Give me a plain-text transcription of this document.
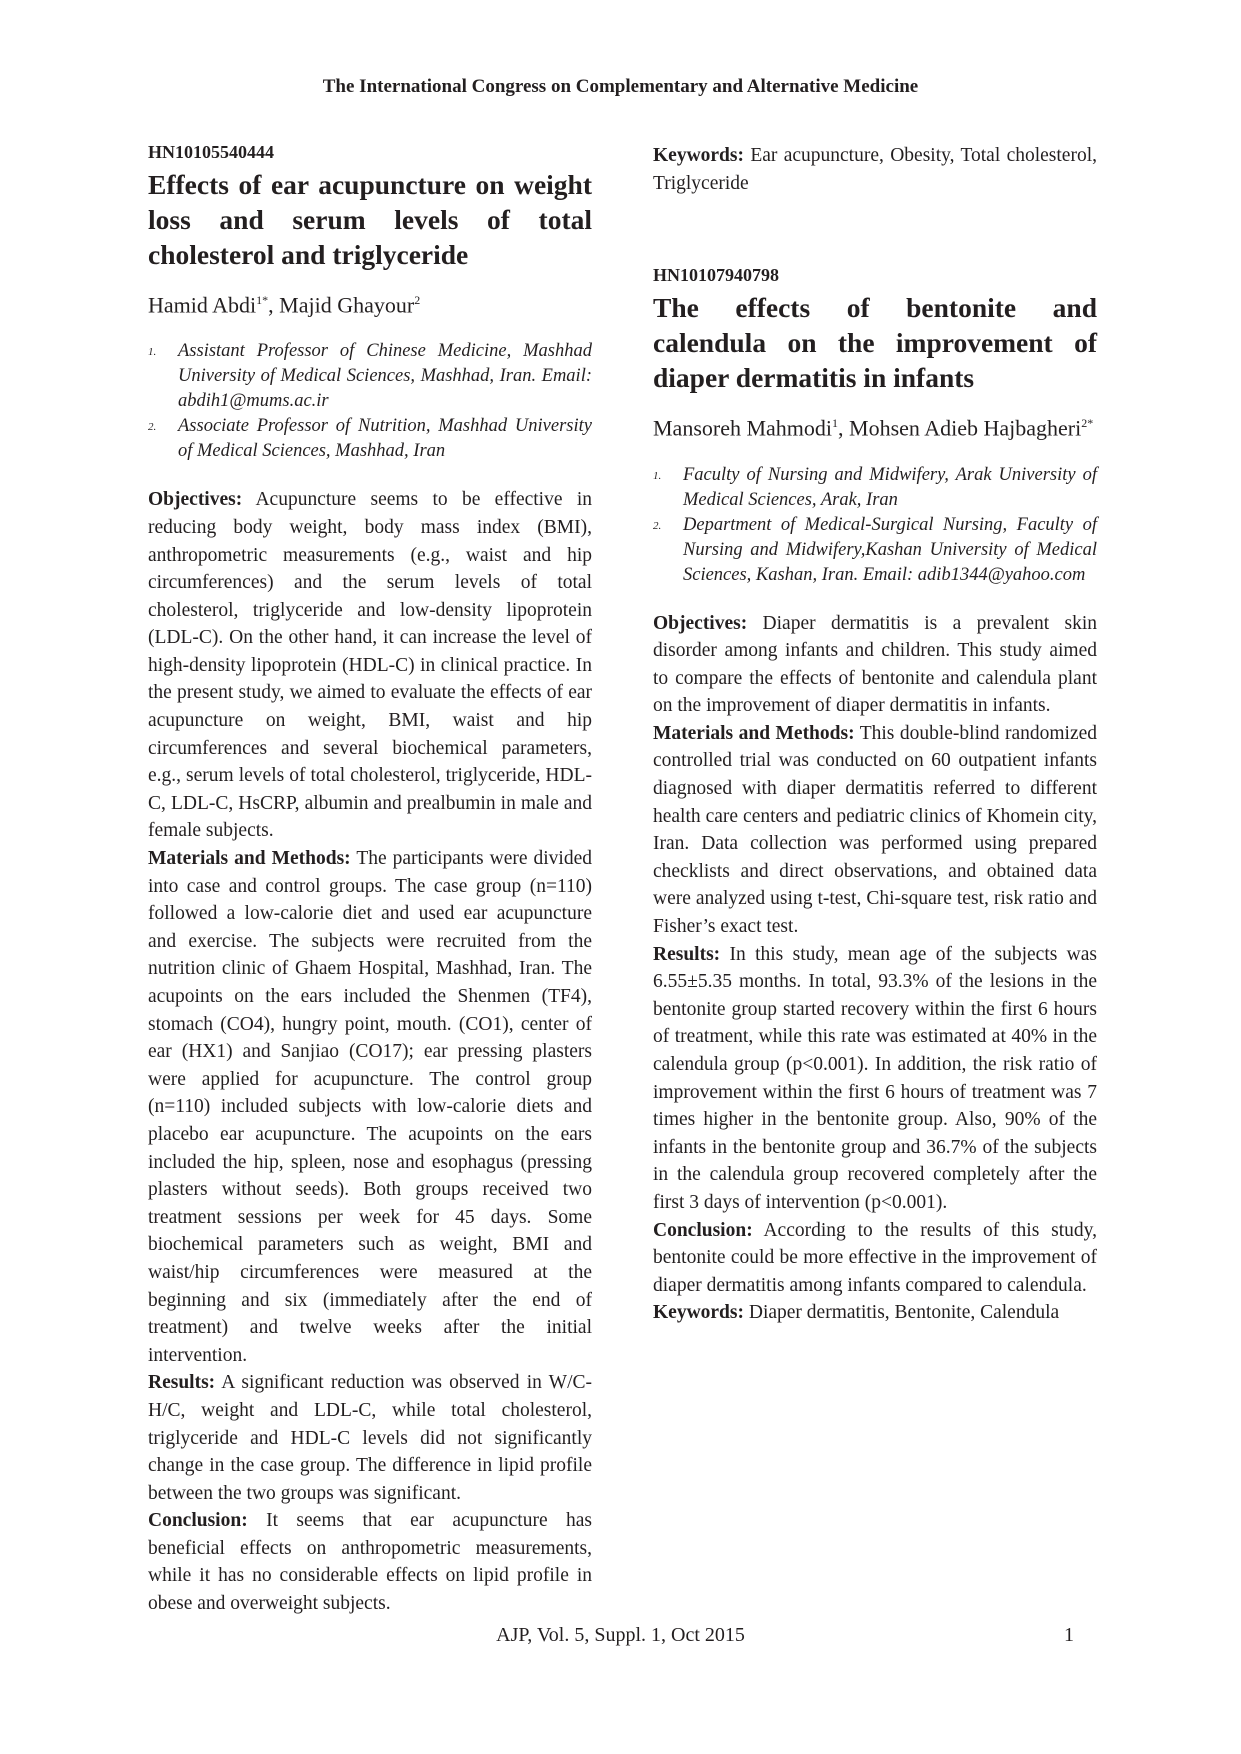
The International Congress on Complementary and Alternative Medicine
HN10105540444
Effects of ear acupuncture on weight loss and serum levels of total cholesterol and triglyceride
Hamid Abdi$^{1*}$, Majid Ghayour$^2$
1. Assistant Professor of Chinese Medicine, Mashhad University of Medical Sciences, Mashhad, Iran. Email: abdih1@mums.ac.ir
2. Associate Professor of Nutrition, Mashhad University of Medical Sciences, Mashhad, Iran

Objectives: Acupuncture seems to be effective in reducing body weight, body mass index (BMI), anthropometric measurements (e.g., waist and hip circumferences) and the serum levels of total cholesterol, triglyceride and low-density lipoprotein (LDL-C). On the other hand, it can increase the level of high-density lipoprotein (HDL-C) in clinical practice. In the present study, we aimed to evaluate the effects of ear acupuncture on weight, BMI, waist and hip circumferences and several biochemical parameters, e.g., serum levels of total cholesterol, triglyceride, HDL-C, LDL-C, HsCRP, albumin and prealbumin in male and female subjects.

Materials and Methods: The participants were divided into case and control groups. The case group (n=110) followed a low-calorie diet and used ear acupuncture and exercise. The subjects were recruited from the nutrition clinic of Ghaem Hospital, Mashhad, Iran. The acupoints on the ears included the Shenmen (TF4), stomach (CO4), hungry point, mouth. (CO1), center of ear (HX1) and Sanjiao (CO17); ear pressing plasters were applied for acupuncture. The control group (n=110) included subjects with low-calorie diets and placebo ear acupuncture. The acupoints on the ears included the hip, spleen, nose and esophagus (pressing plasters without seeds). Both groups received two treatment sessions per week for 45 days. Some biochemical parameters such as weight, BMI and waist/hip circumferences were measured at the beginning and six (immediately after the end of treatment) and twelve weeks after the initial intervention.

Results: A significant reduction was observed in W/C-H/C, weight and LDL-C, while total cholesterol, triglyceride and HDL-C levels did not significantly change in the case group. The difference in lipid profile between the two groups was significant.

Conclusion: It seems that ear acupuncture has beneficial effects on anthropometric measurements, while it has no considerable effects on lipid profile in obese and overweight subjects.

Keywords: Ear acupuncture, Obesity, Total cholesterol, Triglyceride

HN10107940798
The effects of bentonite and calendula on the improvement of diaper dermatitis in infants
Mansoreh Mahmodi$^1$, Mohsen Adieb Hajbagheri$^{2*}$
1. Faculty of Nursing and Midwifery, Arak University of Medical Sciences, Arak, Iran
2. Department of Medical-Surgical Nursing, Faculty of Nursing and Midwifery,Kashan University of Medical Sciences, Kashan, Iran. Email: adib1344@yahoo.com

Objectives: Diaper dermatitis is a prevalent skin disorder among infants and children. This study aimed to compare the effects of bentonite and calendula plant on the improvement of diaper dermatitis in infants.

Materials and Methods: This double-blind randomized controlled trial was conducted on 60 outpatient infants diagnosed with diaper dermatitis referred to different health care centers and pediatric clinics of Khomein city, Iran. Data collection was performed using prepared checklists and direct observations, and obtained data were analyzed using t-test, Chi-square test, risk ratio and Fisher’s exact test.

Results: In this study, mean age of the subjects was 6.55±5.35 months. In total, 93.3% of the lesions in the bentonite group started recovery within the first 6 hours of treatment, while this rate was estimated at 40% in the calendula group (p<0.001). In addition, the risk ratio of improvement within the first 6 hours of treatment was 7 times higher in the bentonite group. Also, 90% of the infants in the bentonite group and 36.7% of the subjects in the calendula group recovered completely after the first 3 days of intervention (p<0.001).

Conclusion: According to the results of this study, bentonite could be more effective in the improvement of diaper dermatitis among infants compared to calendula.

Keywords: Diaper dermatitis, Bentonite, Calendula

AJP, Vol. 5, Suppl. 1, Oct 2015	1
